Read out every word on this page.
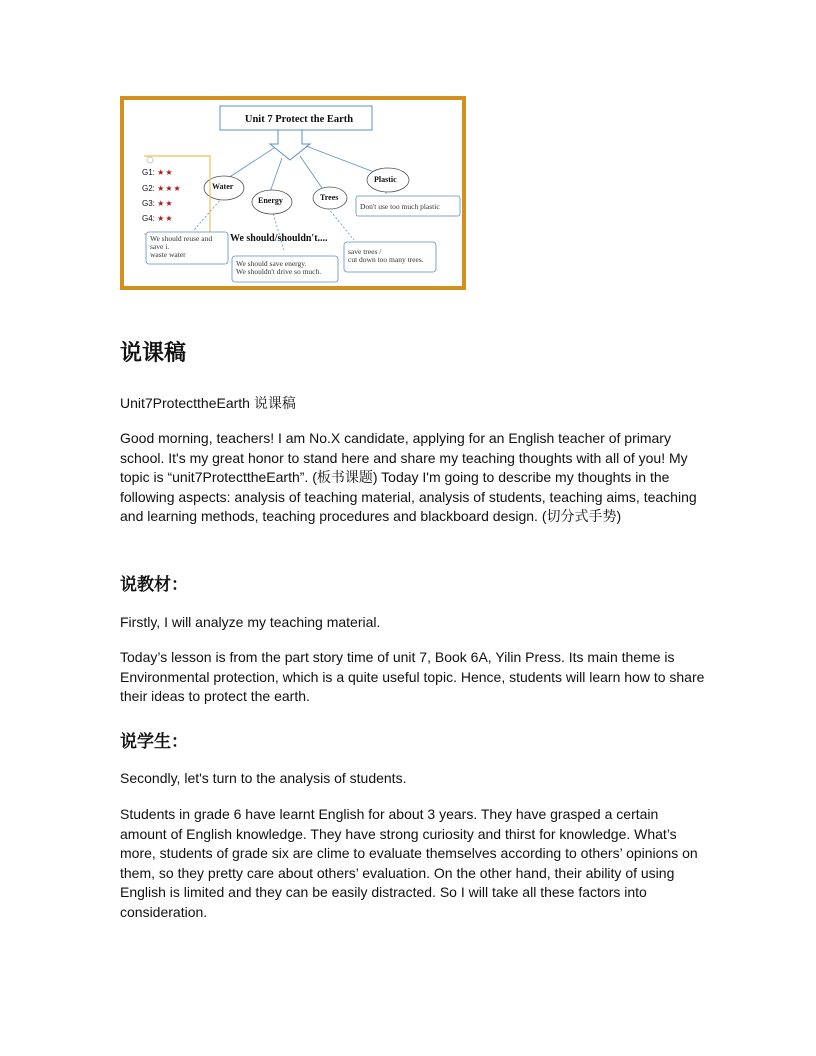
Unit 7 Protect the Earth
Water
Energy	Trees
Plastic
G1: ★★
G2: ★★★
G3: ★★
G4: ★★
We should/shouldn't....
We should reuse and
save i.
waste water
We should save energy.
We shouldn't drive so much.
save trees /
cut down too many trees.
Don't use too much plastic
说课稿
Unit7ProtecttheEarth 说课稿
Good morning, teachers! I am No.X candidate, applying for an English teacher of primary school. It's my great honor to stand here and share my teaching thoughts with all of you! My topic is “unit7ProtecttheEarth”. (板书课题) Today I'm going to describe my thoughts in the following aspects: analysis of teaching material, analysis of students, teaching aims, teaching and learning methods, teaching procedures and blackboard design. (切分式手势)
说教材：
Firstly, I will analyze my teaching material.
Today’s lesson is from the part story time of unit 7, Book 6A, Yilin Press. Its main theme is Environmental protection, which is a quite useful topic. Hence, students will learn how to share their ideas to protect the earth.
说学生：
Secondly, let's turn to the analysis of students.
Students in grade 6 have learnt English for about 3 years. They have grasped a certain amount of English knowledge. They have strong curiosity and thirst for knowledge. What’s more, students of grade six are clime to evaluate themselves according to others’ opinions on them, so they pretty care about others’ evaluation. On the other hand, their ability of using English is limited and they can be easily distracted. So I will take all these factors into consideration.
